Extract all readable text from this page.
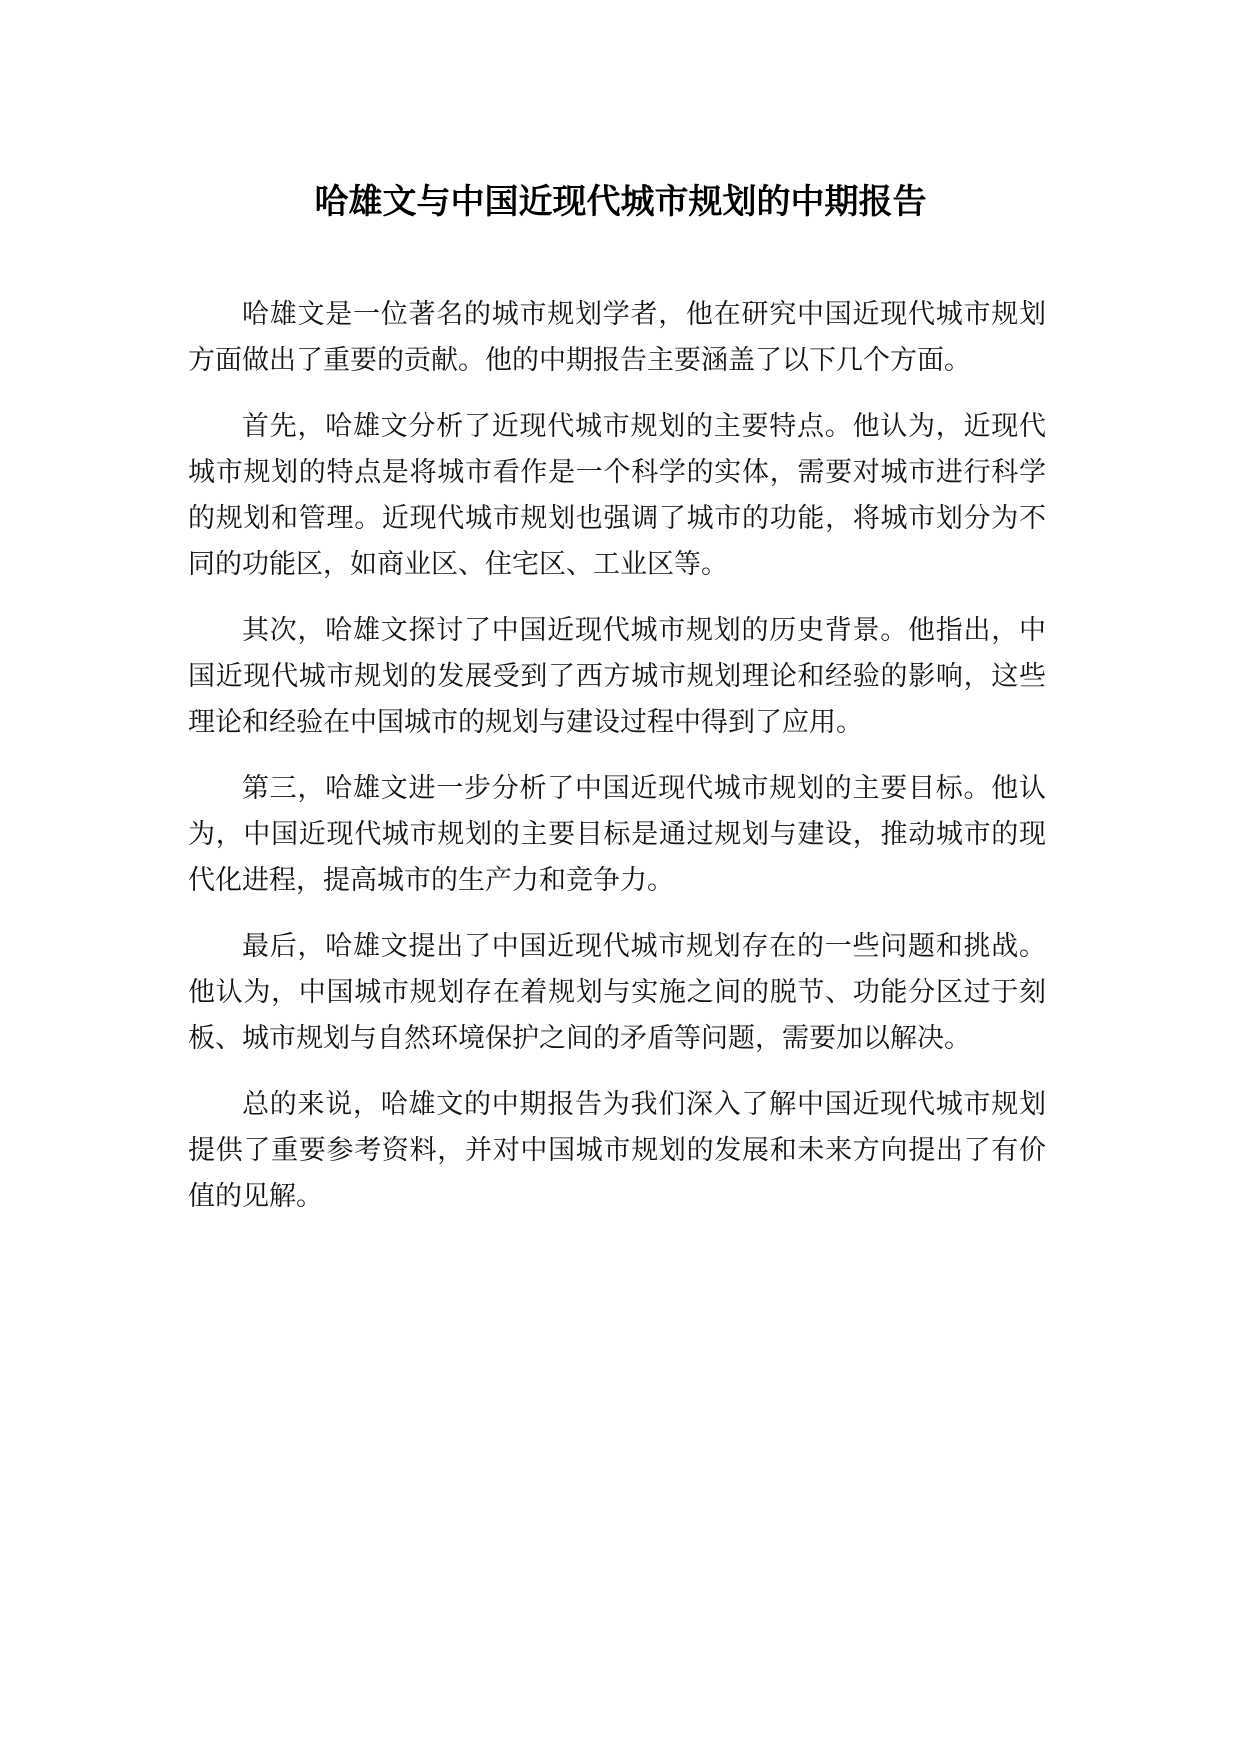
哈雄文与中国近现代城市规划的中期报告

哈雄文是一位著名的城市规划学者，他在研究中国近现代城市规划方面做出了重要的贡献。他的中期报告主要涵盖了以下几个方面。

首先，哈雄文分析了近现代城市规划的主要特点。他认为，近现代城市规划的特点是将城市看作是一个科学的实体，需要对城市进行科学的规划和管理。近现代城市规划也强调了城市的功能，将城市划分为不同的功能区，如商业区、住宅区、工业区等。

其次，哈雄文探讨了中国近现代城市规划的历史背景。他指出，中国近现代城市规划的发展受到了西方城市规划理论和经验的影响，这些理论和经验在中国城市的规划与建设过程中得到了应用。

第三，哈雄文进一步分析了中国近现代城市规划的主要目标。他认为，中国近现代城市规划的主要目标是通过规划与建设，推动城市的现代化进程，提高城市的生产力和竞争力。

最后，哈雄文提出了中国近现代城市规划存在的一些问题和挑战。他认为，中国城市规划存在着规划与实施之间的脱节、功能分区过于刻板、城市规划与自然环境保护之间的矛盾等问题，需要加以解决。

总的来说，哈雄文的中期报告为我们深入了解中国近现代城市规划提供了重要参考资料，并对中国城市规划的发展和未来方向提出了有价值的见解。
